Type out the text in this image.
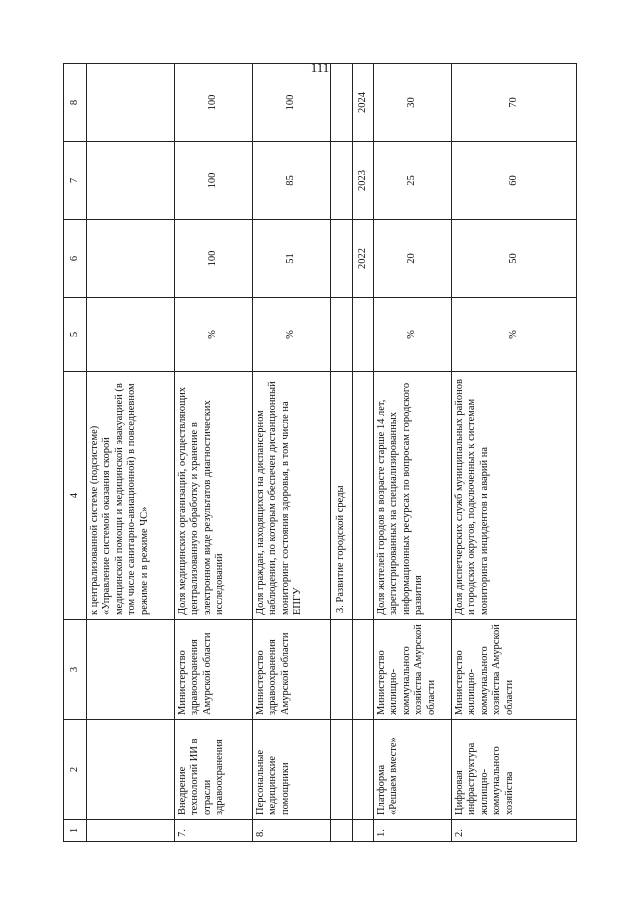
111
1	2	3	4	5	6	7	8
			к централизованной системе (подсистеме) «Управление системой оказания скорой медицинской помощи и медицинской эвакуацией (в том числе санитарно-авиационной) в повседневном режиме и в режиме ЧС»				
7.	Внедрение технологий ИИ в отрасли здравоохранения	Министерство здравоохранения Амурской области	Доля медицинских организаций, осуществляющих централизованную обработку и хранение в электронном виде результатов диагностических исследований	%	100	100	100
8.	Персональные медицинские помощники	Министерство здравоохранения Амурской области	Доля граждан, находящихся на диспансерном наблюдении, по которым обеспечен дистанционный мониторинг состояния здоровья, в том числе на ЕПГУ	%	51	85	100
			3. Развитие городской среды				
					2022	2023	2024
1.	Платформа «Решаем вместе»	Министерство жилищно-коммунального хозяйства Амурской области	Доля жителей городов в возрасте старше 14 лет, зарегистрированных на специализированных информационных ресурсах по вопросам городского развития	%	20	25	30
2.	Цифровая инфраструктура жилищно-коммунального хозяйства	Министерство жилищно-коммунального хозяйства Амурской области	Доля диспетчерских служб муниципальных районов и городских округов, подключенных к системам мониторинга инцидентов и аварий на	%	50	60	70
